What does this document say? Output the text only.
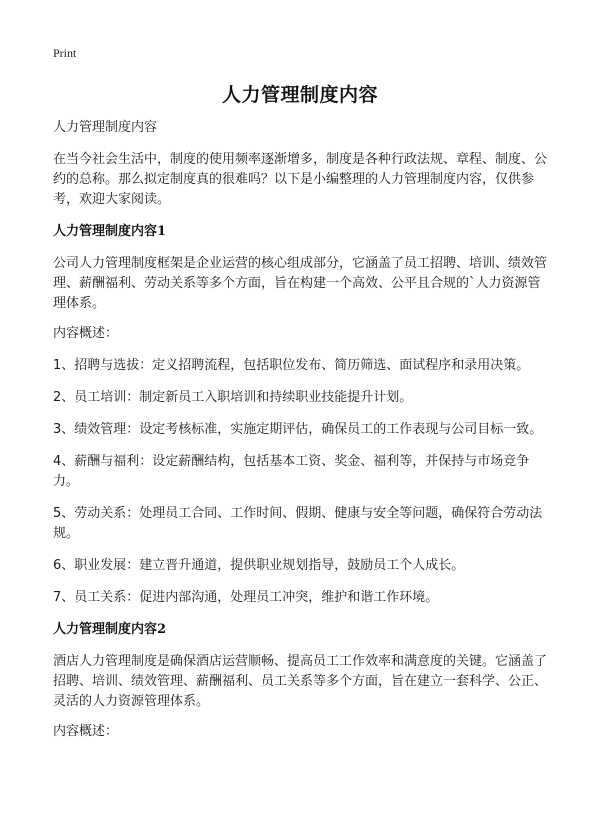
Print
人力管理制度内容

人力管理制度内容

在当今社会生活中，制度的使用频率逐渐增多，制度是各种行政法规、章程、制度、公约的总称。那么拟定制度真的很难吗？以下是小编整理的人力管理制度内容，仅供参考，欢迎大家阅读。

人力管理制度内容1

公司人力管理制度框架是企业运营的核心组成部分，它涵盖了员工招聘、培训、绩效管理、薪酬福利、劳动关系等多个方面，旨在构建一个高效、公平且合规的`人力资源管理体系。

内容概述：

1、招聘与选拔：定义招聘流程，包括职位发布、简历筛选、面试程序和录用决策。

2、员工培训：制定新员工入职培训和持续职业技能提升计划。

3、绩效管理：设定考核标准，实施定期评估，确保员工的工作表现与公司目标一致。

4、薪酬与福利：设定薪酬结构，包括基本工资、奖金、福利等，并保持与市场竞争力。

5、劳动关系：处理员工合同、工作时间、假期、健康与安全等问题，确保符合劳动法规。

6、职业发展：建立晋升通道，提供职业规划指导，鼓励员工个人成长。

7、员工关系：促进内部沟通，处理员工冲突，维护和谐工作环境。

人力管理制度内容2

酒店人力管理制度是确保酒店运营顺畅、提高员工工作效率和满意度的关键。它涵盖了招聘、培训、绩效管理、薪酬福利、员工关系等多个方面，旨在建立一套科学、公正、灵活的人力资源管理体系。

内容概述：
